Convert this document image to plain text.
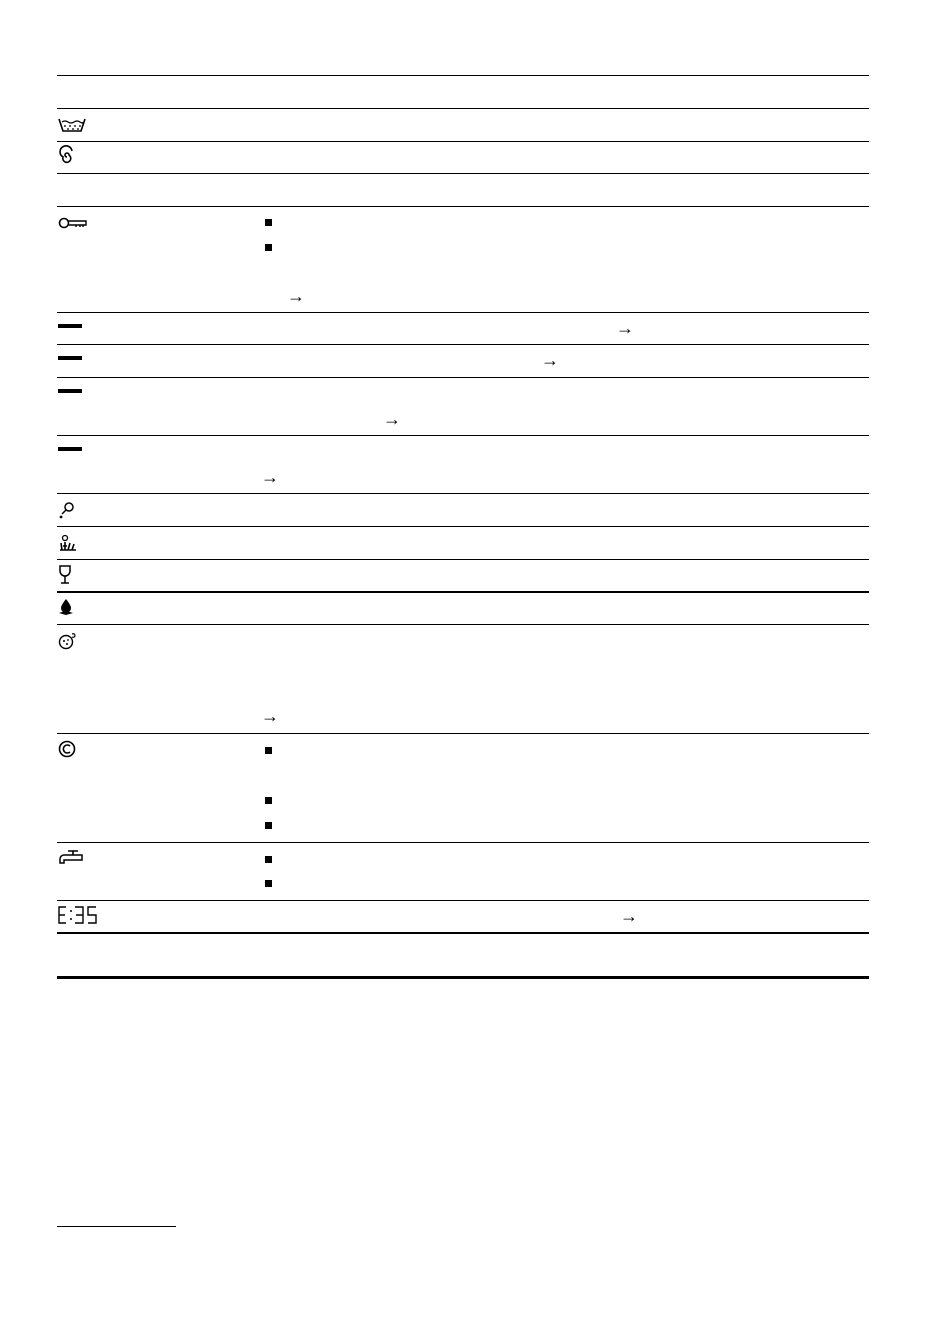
→
→
→
→
→
→
→
